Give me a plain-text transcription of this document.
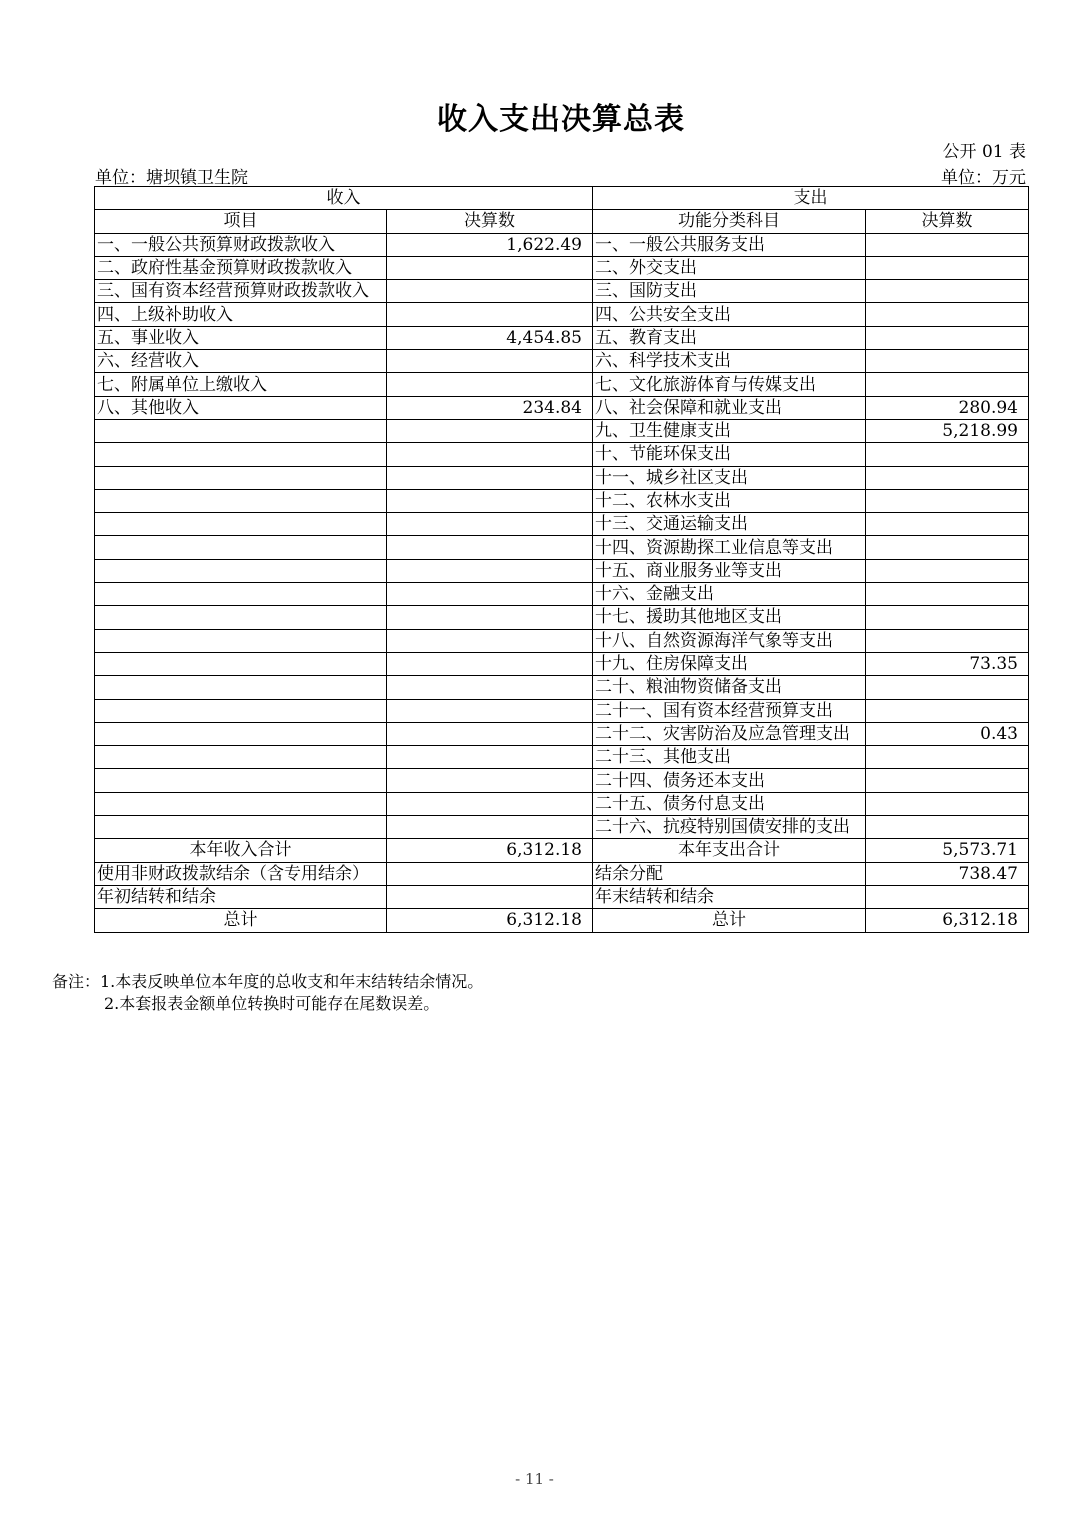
收入支出决算总表
公开 01 表
单位：塘坝镇卫生院	单位：万元
收入		支出	
项目	决算数	功能分类科目	决算数
一、一般公共预算财政拨款收入	1,622.49	一、一般公共服务支出	
二、政府性基金预算财政拨款收入		二、外交支出	
三、国有资本经营预算财政拨款收入		三、国防支出	
四、上级补助收入		四、公共安全支出	
五、事业收入	4,454.85	五、教育支出	
六、经营收入		六、科学技术支出	
七、附属单位上缴收入		七、文化旅游体育与传媒支出	
八、其他收入	234.84	八、社会保障和就业支出	280.94
		九、卫生健康支出	5,218.99
		十、节能环保支出	
		十一、城乡社区支出	
		十二、农林水支出	
		十三、交通运输支出	
		十四、资源勘探工业信息等支出	
		十五、商业服务业等支出	
		十六、金融支出	
		十七、援助其他地区支出	
		十八、自然资源海洋气象等支出	
		十九、住房保障支出	73.35
		二十、粮油物资储备支出	
		二十一、国有资本经营预算支出	
		二十二、灾害防治及应急管理支出	0.43
		二十三、其他支出	
		二十四、债务还本支出	
		二十五、债务付息支出	
		二十六、抗疫特别国债安排的支出	
本年收入合计	6,312.18	本年支出合计	5,573.71
使用非财政拨款结余（含专用结余）		结余分配	738.47
年初结转和结余		年末结转和结余	
总计	6,312.18	总计	6,312.18
备注：1.本表反映单位本年度的总收支和年末结转结余情况。
2.本套报表金额单位转换时可能存在尾数误差。
- 11 -
